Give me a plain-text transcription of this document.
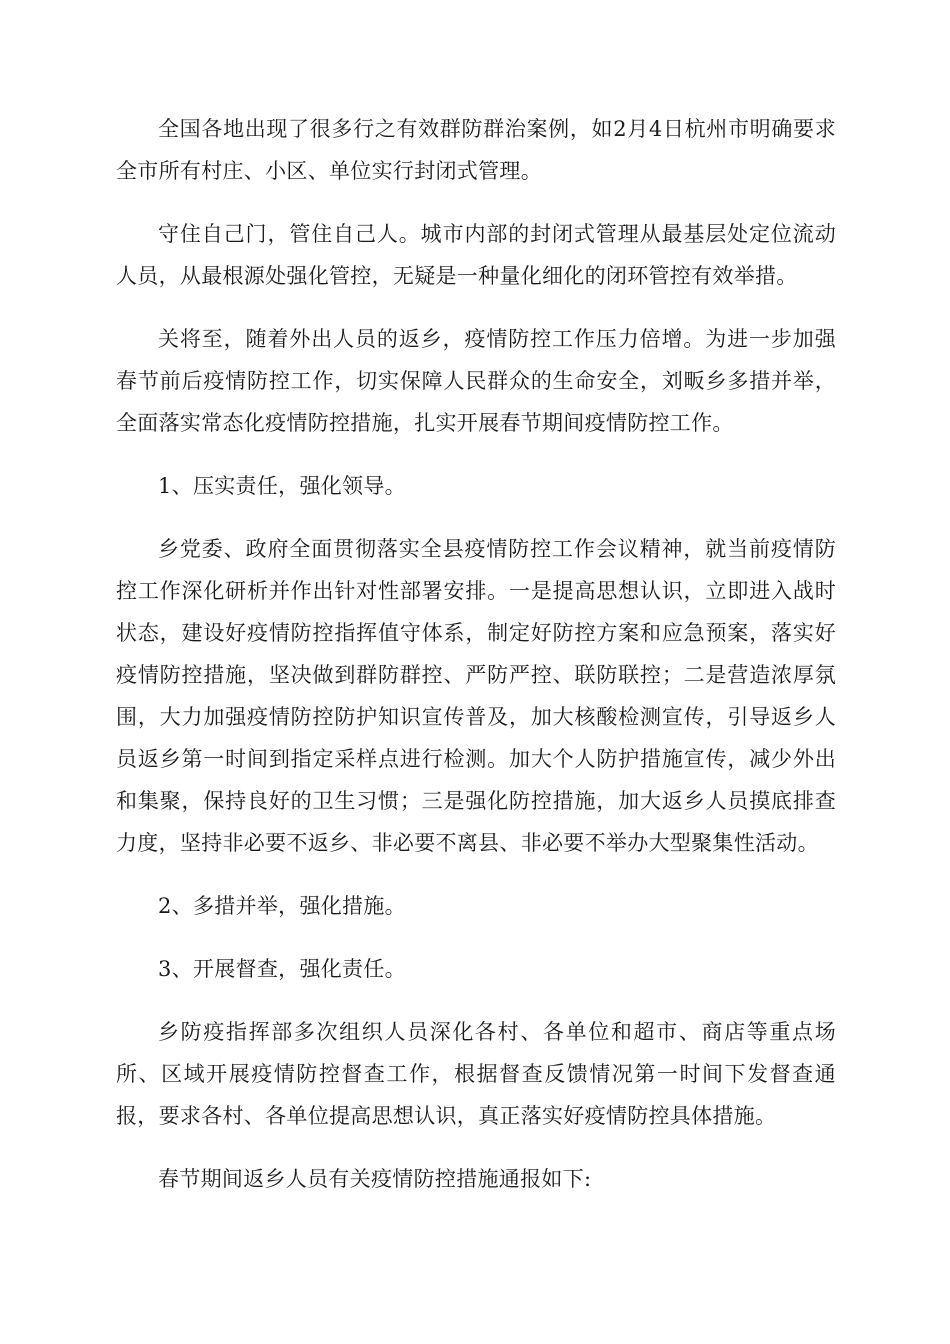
全国各地出现了很多行之有效群防群治案例，如2月4日杭州市明确要求全市所有村庄、小区、单位实行封闭式管理。

守住自己门，管住自己人。城市内部的封闭式管理从最基层处定位流动人员，从最根源处强化管控，无疑是一种量化细化的闭环管控有效举措。

关将至，随着外出人员的返乡，疫情防控工作压力倍增。为进一步加强春节前后疫情防控工作，切实保障人民群众的生命安全，刘畈乡多措并举，全面落实常态化疫情防控措施，扎实开展春节期间疫情防控工作。

1、压实责任，强化领导。

乡党委、政府全面贯彻落实全县疫情防控工作会议精神，就当前疫情防控工作深化研析并作出针对性部署安排。一是提高思想认识，立即进入战时状态，建设好疫情防控指挥值守体系，制定好防控方案和应急预案，落实好疫情防控措施，坚决做到群防群控、严防严控、联防联控；二是营造浓厚氛围，大力加强疫情防控防护知识宣传普及，加大核酸检测宣传，引导返乡人员返乡第一时间到指定采样点进行检测。加大个人防护措施宣传，减少外出和集聚，保持良好的卫生习惯；三是强化防控措施，加大返乡人员摸底排查力度，坚持非必要不返乡、非必要不离县、非必要不举办大型聚集性活动。

2、多措并举，强化措施。

3、开展督查，强化责任。

乡防疫指挥部多次组织人员深化各村、各单位和超市、商店等重点场所、区域开展疫情防控督查工作，根据督查反馈情况第一时间下发督查通报，要求各村、各单位提高思想认识，真正落实好疫情防控具体措施。

春节期间返乡人员有关疫情防控措施通报如下:
